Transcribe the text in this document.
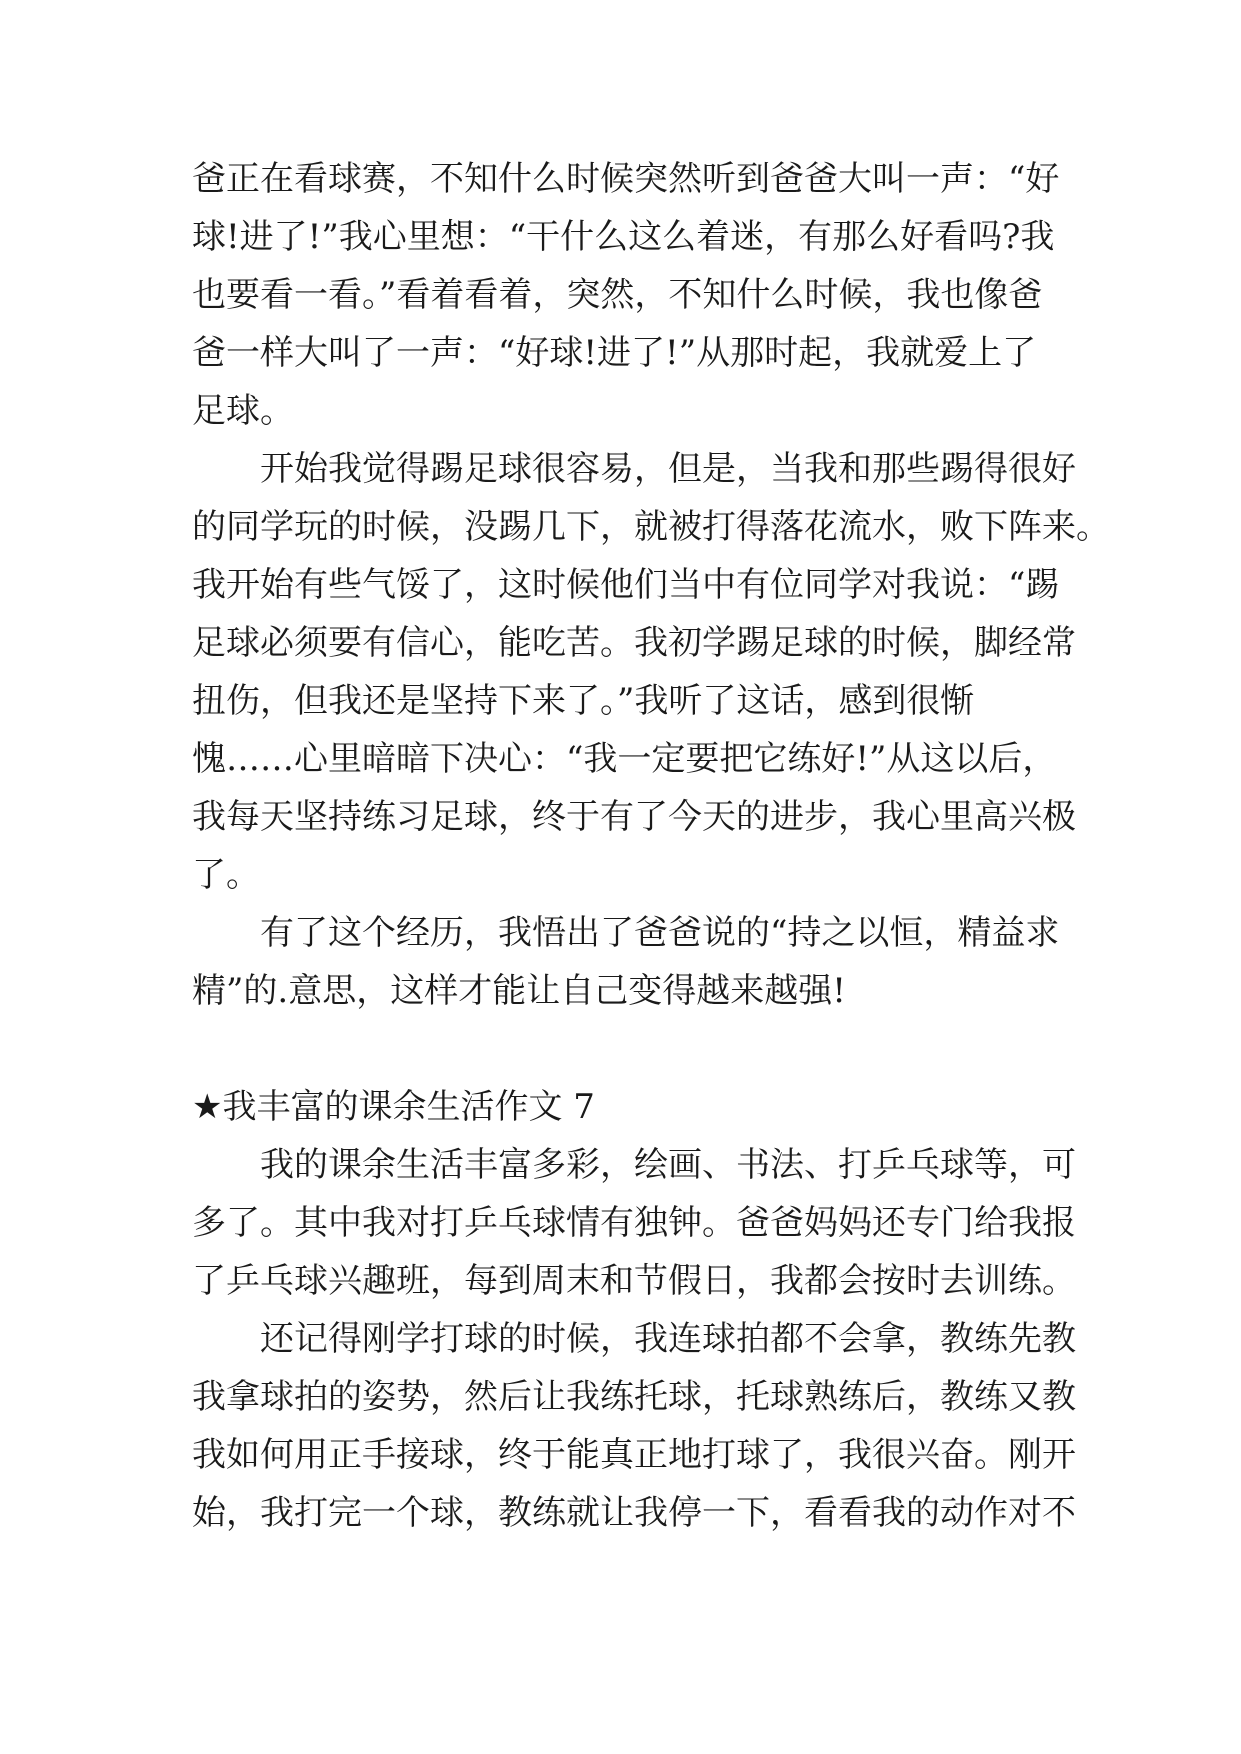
爸正在看球赛，不知什么时候突然听到爸爸大叫一声：“好
球!进了!”我心里想：“干什么这么着迷，有那么好看吗?我
也要看一看。”看着看着，突然，不知什么时候，我也像爸
爸一样大叫了一声：“好球!进了!”从那时起，我就爱上了
足球。
开始我觉得踢足球很容易，但是，当我和那些踢得很好
的同学玩的时候，没踢几下，就被打得落花流水，败下阵来。
我开始有些气馁了，这时候他们当中有位同学对我说：“踢
足球必须要有信心，能吃苦。我初学踢足球的时候，脚经常
扭伤，但我还是坚持下来了。”我听了这话，感到很惭
愧……心里暗暗下决心：“我一定要把它练好!”从这以后，
我每天坚持练习足球，终于有了今天的进步，我心里高兴极
了。
有了这个经历，我悟出了爸爸说的“持之以恒，精益求
精”的.意思，这样才能让自己变得越来越强!
★我丰富的课余生活作文 7
我的课余生活丰富多彩，绘画、书法、打乒乓球等，可
多了。其中我对打乒乓球情有独钟。爸爸妈妈还专门给我报
了乒乓球兴趣班，每到周末和节假日，我都会按时去训练。
还记得刚学打球的时候，我连球拍都不会拿，教练先教
我拿球拍的姿势，然后让我练托球，托球熟练后，教练又教
我如何用正手接球，终于能真正地打球了，我很兴奋。刚开
始，我打完一个球，教练就让我停一下，看看我的动作对不
